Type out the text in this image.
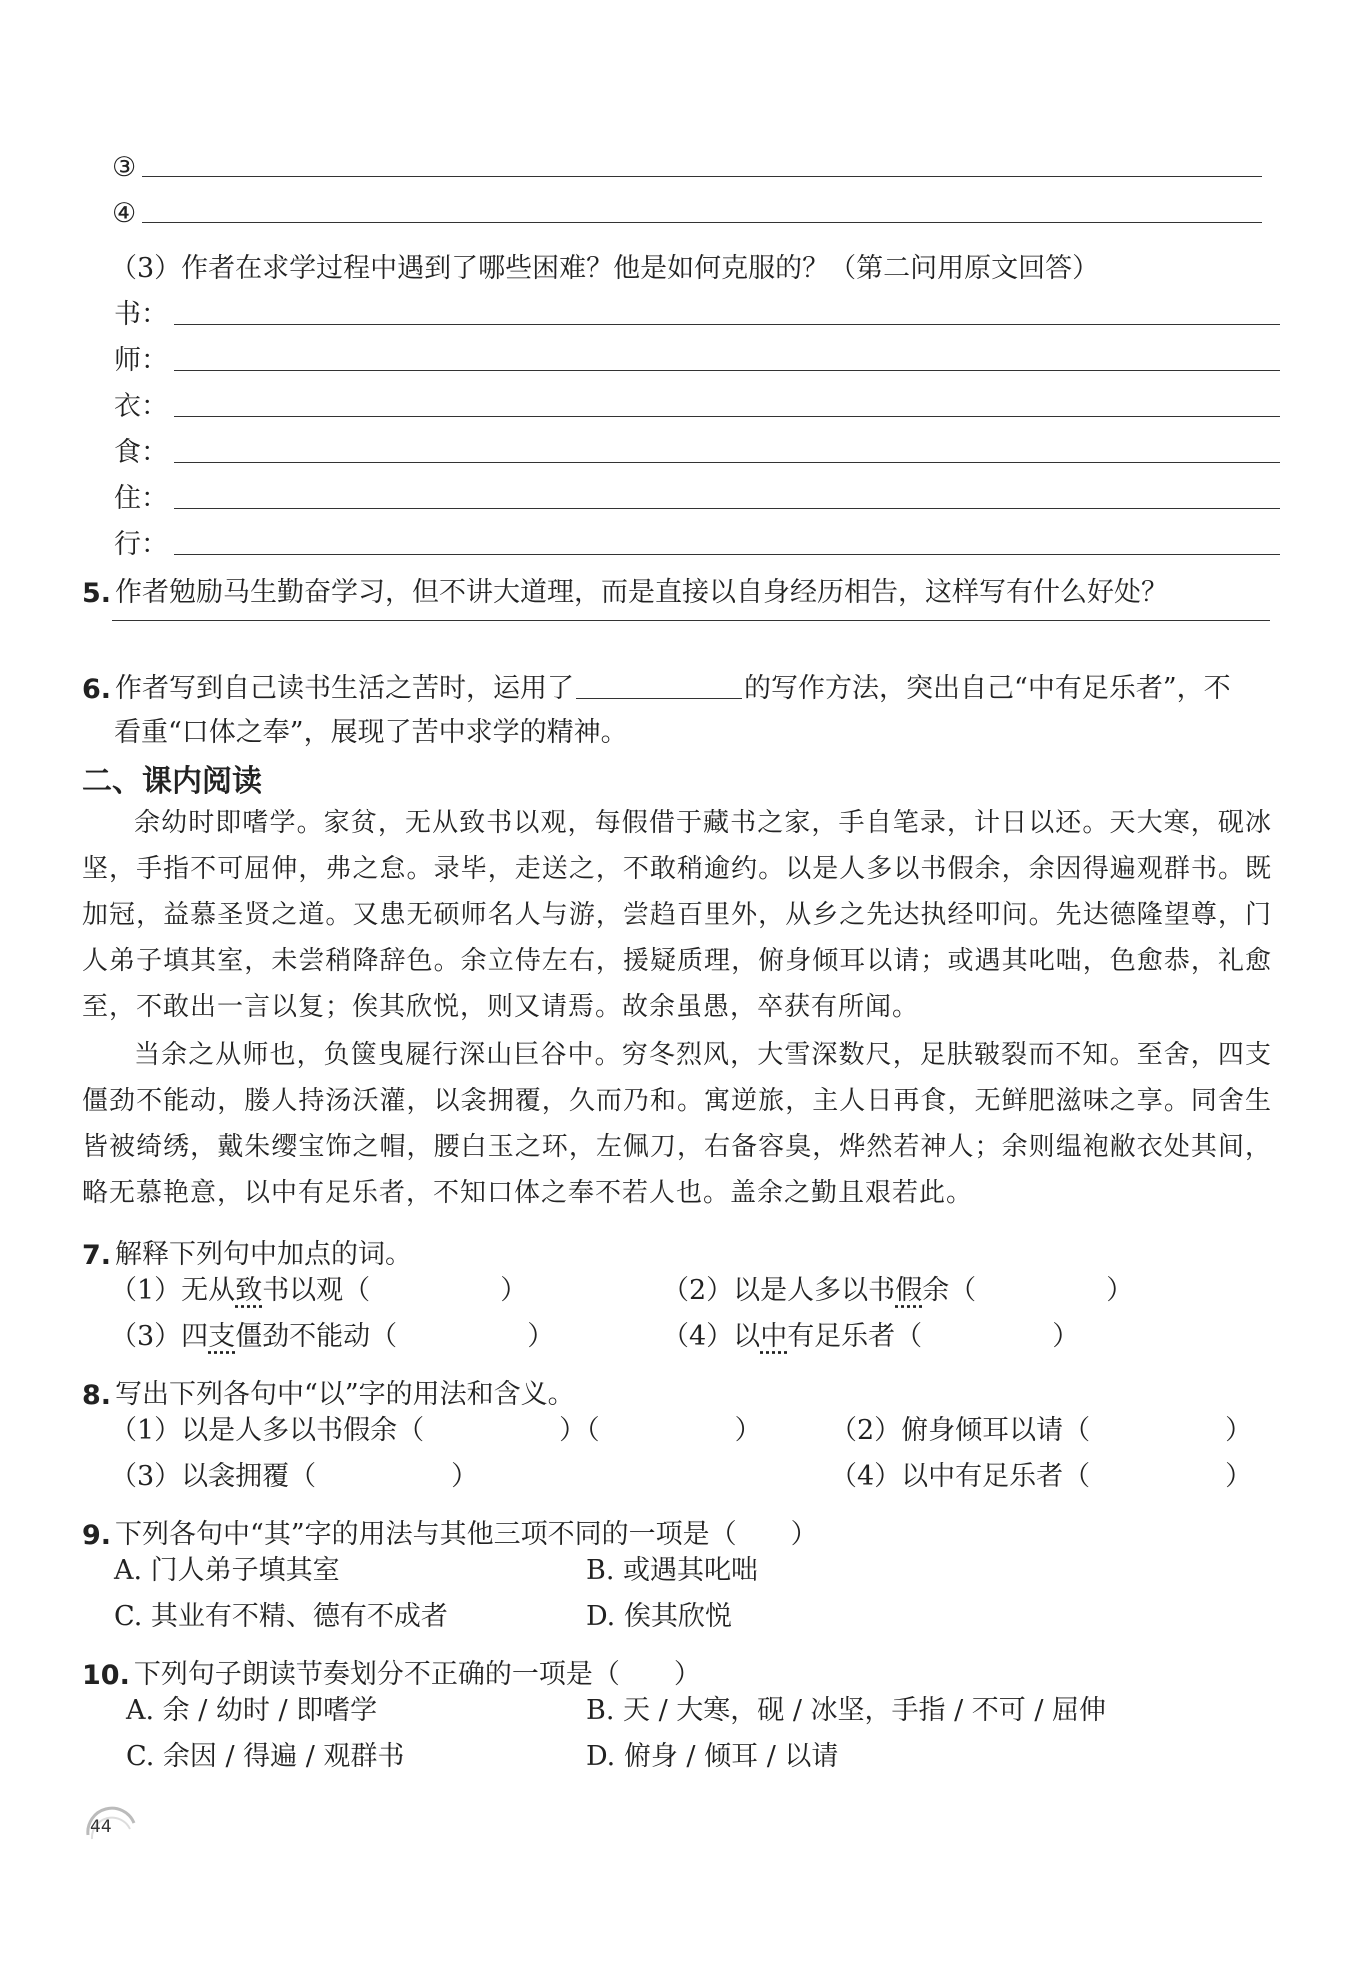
③
④
（3）作者在求学过程中遇到了哪些困难？他是如何克服的？（第二问用原文回答）
书：
师：
衣：
食：
住：
行：
5. 作者勉励马生勤奋学习，但不讲大道理，而是直接以自身经历相告，这样写有什么好处？
6. 作者写到自己读书生活之苦时，运用了	的写作方法，突出自己“中有足乐者”，不
看重“口体之奉”，展现了苦中求学的精神。
二、课内阅读

余幼时即嗜学。家贫，无从致书以观，每假借于藏书之家，手自笔录，计日以还。天大寒，砚冰坚，手指不可屈伸，弗之怠。录毕，走送之，不敢稍逾约。以是人多以书假余，余因得遍观群书。既加冠，益慕圣贤之道。又患无硕师名人与游，尝趋百里外，从乡之先达执经叩问。先达德隆望尊，门人弟子填其室，未尝稍降辞色。余立侍左右，援疑质理，俯身倾耳以请；或遇其叱咄，色愈恭，礼愈至，不敢出一言以复；俟其欣悦，则又请焉。故余虽愚，卒获有所闻。

当余之从师也，负箧曳屣行深山巨谷中。穷冬烈风，大雪深数尺，足肤皲裂而不知。至舍，四支僵劲不能动，媵人持汤沃灌，以衾拥覆，久而乃和。寓逆旅，主人日再食，无鲜肥滋味之享。同舍生皆被绮绣，戴朱缨宝饰之帽，腰白玉之环，左佩刀，右备容臭，烨然若神人；余则缊袍敝衣处其间，略无慕艳意，以中有足乐者，不知口体之奉不若人也。盖余之勤且艰若此。

7. 解释下列句中加点的词。
（1）无从致书以观（	）	（2）以是人多以书假余（	）
（3）四支僵劲不能动（	）	（4）以中有足乐者（	）
8. 写出下列各句中“以”字的用法和含义。
（1）以是人多以书假余（　　　　　）（　　　　　）	（2）俯身倾耳以请（　　　　　）
（3）以衾拥覆（　　　　　）	（4）以中有足乐者（　　　　　）
9. 下列各句中“其”字的用法与其他三项不同的一项是（　　）
A. 门人弟子填其室	B. 或遇其叱咄
C. 其业有不精、德有不成者	D. 俟其欣悦
10. 下列句子朗读节奏划分不正确的一项是（　　）
A. 余 / 幼时 / 即嗜学	B. 天 / 大寒，砚 / 冰坚，手指 / 不可 / 屈伸
C. 余因 / 得遍 / 观群书	D. 俯身 / 倾耳 / 以请
44
